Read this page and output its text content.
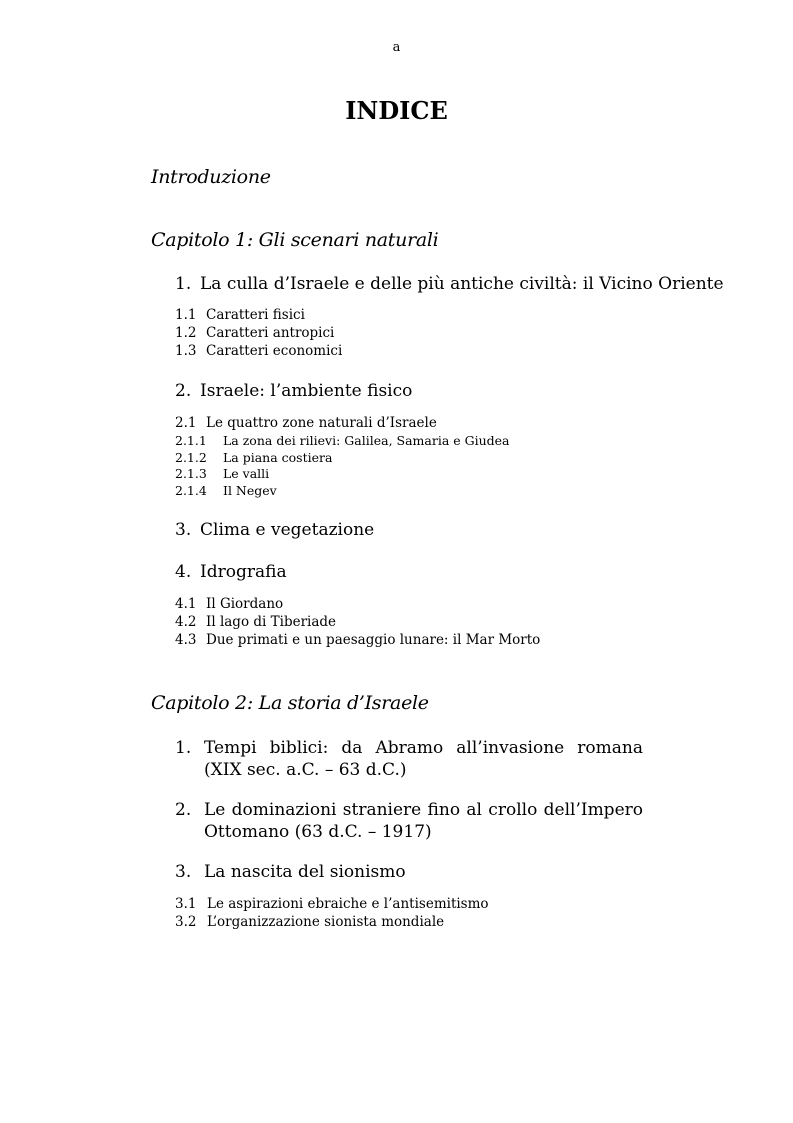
a
INDICE
Introduzione
Capitolo 1: Gli scenari naturali
1. La culla d’Israele e delle più antiche civiltà: il Vicino Oriente
1.1 Caratteri fisici
1.2 Caratteri antropici
1.3 Caratteri economici
2. Israele: l’ambiente fisico
2.1 Le quattro zone naturali d’Israele
2.1.1 La zona dei rilievi: Galilea, Samaria e Giudea
2.1.2 La piana costiera
2.1.3 Le valli
2.1.4 Il Negev
3. Clima e vegetazione
4. Idrografia
4.1 Il Giordano
4.2 Il lago di Tiberiade
4.3 Due primati e un paesaggio lunare: il Mar Morto
Capitolo 2: La storia d’Israele
1. Tempi biblici: da Abramo all’invasione romana (XIX sec. a.C. – 63 d.C.)
2. Le dominazioni straniere fino al crollo dell’Impero Ottomano (63 d.C. – 1917)
3. La nascita del sionismo
3.1 Le aspirazioni ebraiche e l’antisemitismo
3.2 L’organizzazione sionista mondiale
